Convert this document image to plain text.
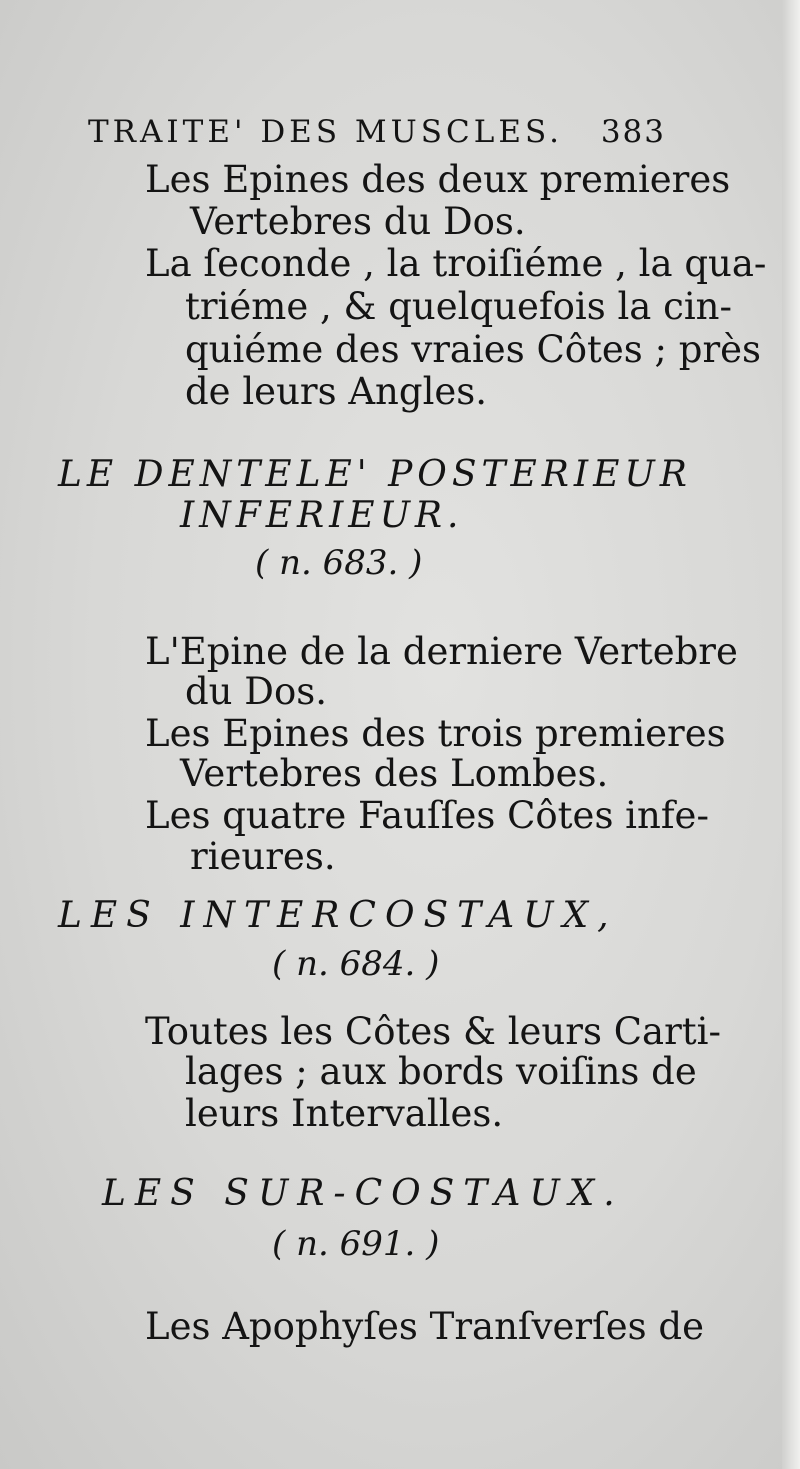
TRAITE' DES MUSCLES. 383
Les Epines des deux premieres
Vertebres du Dos.
La ſeconde , la troiſiéme , la qua-
triéme , & quelquefois la cin-
quiéme des vraies Côtes ; près
de leurs Angles.
LE DENTELE' POSTERIEUR
INFERIEUR.
( n. 683. )
L'Epine de la derniere Vertebre
du Dos.
Les Epines des trois premieres
Vertebres des Lombes.
Les quatre Fauſſes Côtes infe-
rieures.
LES INTERCOSTAUX,
( n. 684. )
Toutes les Côtes & leurs Carti-
lages ; aux bords voiſins de
leurs Intervalles.
LES SUR-COSTAUX.
( n. 691. )
Les Apophyſes Tranſverſes de
